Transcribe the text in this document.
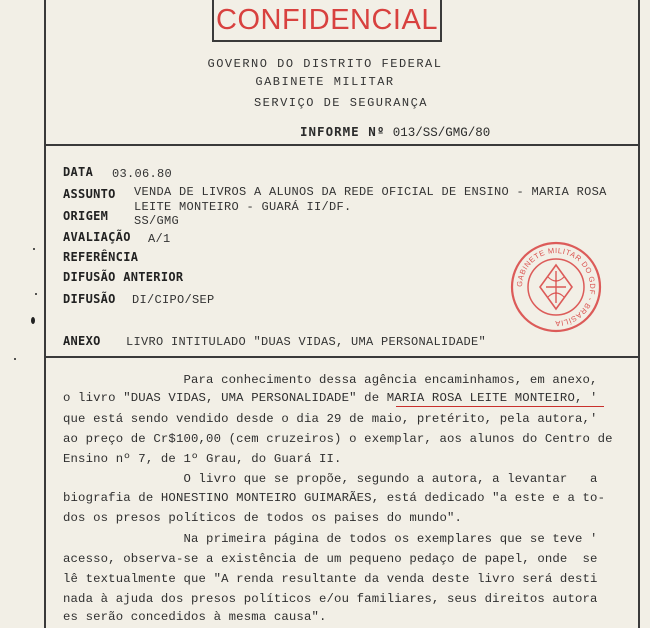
CONFIDENCIAL
GOVERNO DO DISTRITO FEDERAL
GABINETE MILITAR
SERVIÇO DE SEGURANÇA
INFORME Nº 013/SS/GMG/80
DATA 03.06.80
ASSUNTO VENDA DE LIVROS A ALUNOS DA REDE OFICIAL DE ENSINO - MARIA ROSA
LEITE MONTEIRO - GUARÁ II/DF.
ORIGEM SS/GMG
AVALIAÇÃO A/1
REFERÊNCIA
DIFUSÃO ANTERIOR
DIFUSÃO DI/CIPO/SEP
ANEXO LIVRO INTITULADO "DUAS VIDAS, UMA PERSONALIDADE"
GABINETE MILITAR DO GDF - BRASÍLIA
Para conhecimento dessa agência encaminhamos, em anexo,
o livro "DUAS VIDAS, UMA PERSONALIDADE" de MARIA ROSA LEITE MONTEIRO, '
que está sendo vendido desde o dia 29 de maio, pretérito, pela autora,'
ao preço de Cr$100,00 (cem cruzeiros) o exemplar, aos alunos do Centro de
Ensino nº 7, de 1º Grau, do Guará II.
O livro que se propõe, segundo a autora, a levantar   a
biografia de HONESTINO MONTEIRO GUIMARÃES, está dedicado "a este e a to-
dos os presos políticos de todos os paises do mundo".
Na primeira página de todos os exemplares que se teve '
acesso, observa-se a existência de um pequeno pedaço de papel, onde  se
lê textualmente que "A renda resultante da venda deste livro será desti
nada à ajuda dos presos políticos e/ou familiares, seus direitos autora
es serão concedidos à mesma causa".
